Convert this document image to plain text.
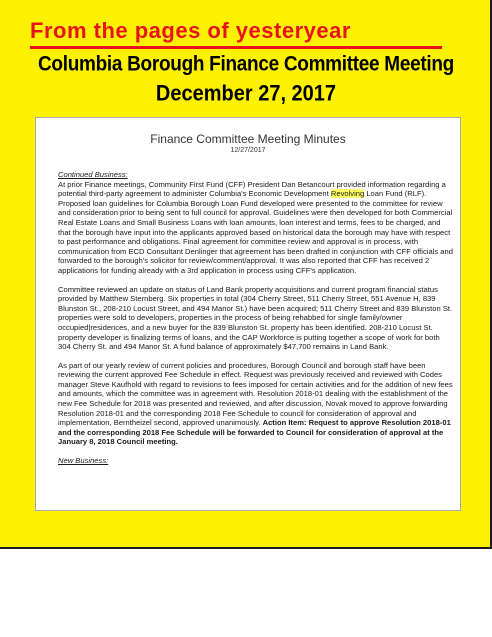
From the pages of yesteryear
Columbia Borough Finance Committee Meeting
December 27, 2017
Finance Committee Meeting Minutes
12/27/2017

Continued Business:
At prior Finance meetings, Community First Fund (CFF) President Dan Betancourt provided information regarding a potential third-party agreement to administer Columbia's Economic Development Revolving Loan Fund (RLF). Proposed loan guidelines for Columbia Borough Loan Fund developed were presented to the committee for review and consideration prior to being sent to full council for approval. Guidelines were then developed for both Commercial Real Estate Loans and Small Business Loans with loan amounts, loan interest and terms, fees to be charged, and that the borough have input into the applicants approved based on historical data the borough may have with respect to past performance and obligations. Final agreement for committee review and approval is in process, with communication from ECD Consultant Denlinger that agreement has been drafted in conjunction with CFF officials and forwarded to the borough's solicitor for review/comment/approval. It was also reported that CFF has received 2 applications for funding already with a 3rd application in process using CFF's application.

Committee reviewed an update on status of Land Bank property acquisitions and current program financial status provided by Matthew Sternberg. Six properties in total (304 Cherry Street, 511 Cherry Street, 551 Avenue H, 839 Blunston St., 208-210 Locust Street, and 494 Manor St.) have been acquired; 511 Cherry Street and 839 Blunston St. properties were sold to developers, properties in the process of being rehabbed for single family/owner occupied|residences, and a new buyer for the 839 Blunston St. property has been identified. 208-210 Locust St. property developer is finalizing terms of loans, and the CAP Workforce is putting together a scope of work for both 304 Cherry St. and 494 Manor St. A fund balance of approximately $47,700 remains in Land Bank.

As part of our yearly review of current policies and procedures, Borough Council and borough staff have been reviewing the current approved Fee Schedule in effect. Request was previously received and reviewed with Codes manager Steve Kaufhold with regard to revisions to fees imposed for certain activities and for the addition of new fees and amounts, which the committee was in agreement with. Resolution 2018-01 dealing with the establishment of the new Fee Schedule for 2018 was presented and reviewed, and after discussion, Novak moved to approve forwarding Resolution 2018-01 and the corresponding 2018 Fee Schedule to council for consideration of approval and implementation, Berntheizel second, approved unanimously. Action Item: Request to approve Resolution 2018-01 and the corresponding 2018 Fee Schedule will be forwarded to Council for consideration of approval at the January 8, 2018 Council meeting.

New Business:
